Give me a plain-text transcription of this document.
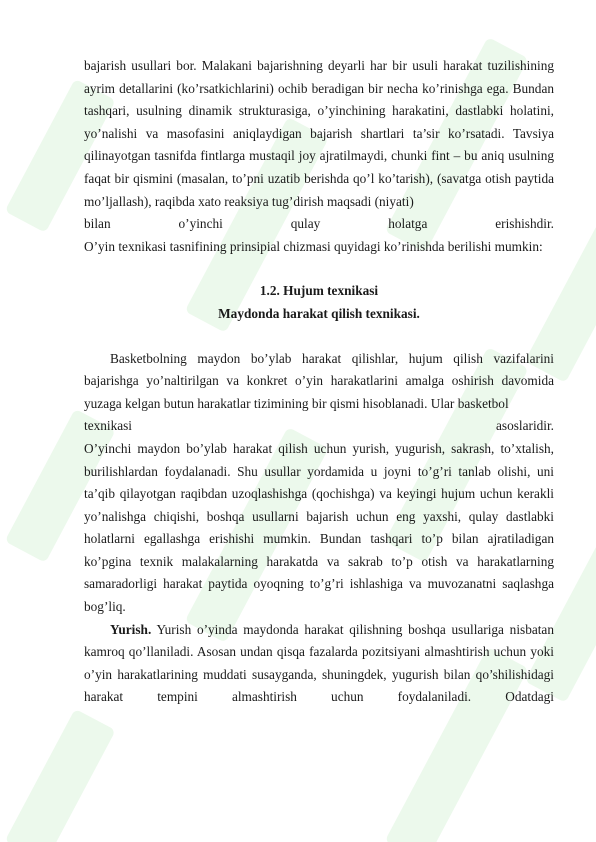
bajarish usullari bor. Malakani bajarishning deyarli har bir usuli harakat tuzilishining ayrim detallarini (ko’rsatkichlarini) ochib beradigan bir necha ko’rinishga ega. Bundan tashqari, usulning dinamik strukturasiga, o’yinchining harakatini, dastlabki holatini, yo’nalishi va masofasini aniqlaydigan bajarish shartlari ta’sir ko’rsatadi. Tavsiya qilinayotgan tasnifda fintlarga mustaqil joy ajratilmaydi, chunki fint – bu aniq usulning faqat bir qismini (masalan, to’pni uzatib berishda qo’l ko’tarish), (savatga otish paytida mo’ljallash), raqibda xato reaksiya tug’dirish maqsadi (niyati)

bilan o’yinchi qulay holatga erishishdir.

O’yin texnikasi tasnifining prinsipial chizmasi quyidagi ko’rinishda berilishi mumkin:

1.2. Hujum texnikasi

Maydonda harakat qilish texnikasi.

Basketbolning maydon bo’ylab harakat qilishlar, hujum qilish vazifalarini bajarishga yo’naltirilgan va konkret o’yin harakatlarini amalga oshirish davomida yuzaga kelgan butun harakatlar tizimining bir qismi hisoblanadi. Ular basketbol

texnikasi asoslaridir.

O’yinchi maydon bo’ylab harakat qilish uchun yurish, yugurish, sakrash, to’xtalish, burilishlardan foydalanadi. Shu usullar yordamida u joyni to’g’ri tanlab olishi, uni ta’qib qilayotgan raqibdan uzoqlashishga (qochishga) va keyingi hujum uchun kerakli yo’nalishga chiqishi, boshqa usullarni bajarish uchun eng yaxshi, qulay dastlabki holatlarni egallashga erishishi mumkin. Bundan tashqari to’p bilan ajratiladigan ko’pgina texnik malakalarning harakatda va sakrab to’p otish va harakatlarning samaradorligi harakat paytida oyoqning to’g’ri ishlashiga va muvozanatni saqlashga bog’liq.

Yurish. Yurish o’yinda maydonda harakat qilishning boshqa usullariga nisbatan kamroq qo’llaniladi. Asosan undan qisqa fazalarda pozitsiyani almashtirish uchun yoki o’yin harakatlarining muddati susayganda, shuningdek, yugurish bilan qo’shilishidagi harakat tempini almashtirish uchun foydalaniladi.	Odatdagi
